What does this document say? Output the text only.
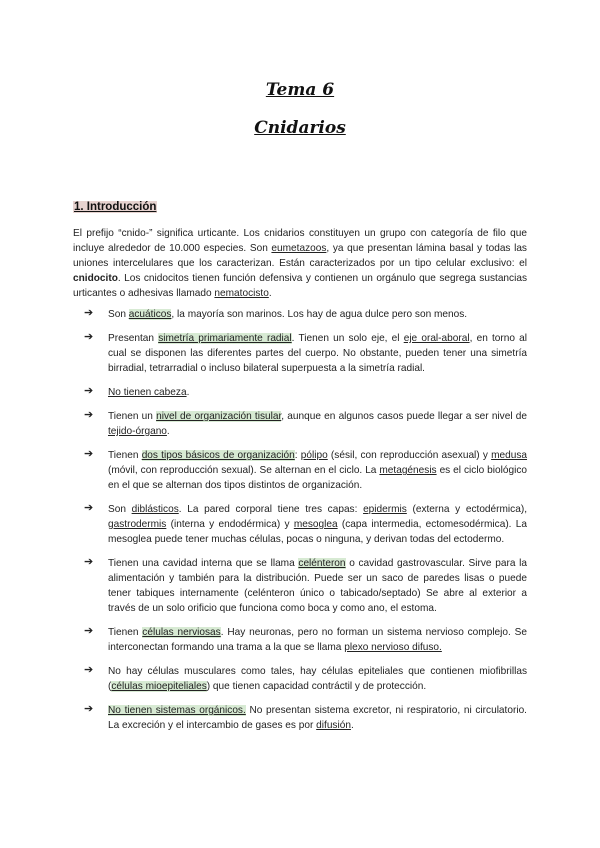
Tema 6
Cnidarios
1. Introducción

El prefijo “cnido-” significa urticante. Los cnidarios constituyen un grupo con categoría de filo que incluye alrededor de 10.000 especies. Son eumetazoos, ya que presentan lámina basal y todas las uniones intercelulares que los caracterizan. Están caracterizados por un tipo celular exclusivo: el cnidocito. Los cnidocitos tienen función defensiva y contienen un orgánulo que segrega sustancias urticantes o adhesivas llamado nematocisto.

➔ Son acuáticos, la mayoría son marinos. Los hay de agua dulce pero son menos.
➔ Presentan simetría primariamente radial. Tienen un solo eje, el eje oral-aboral, en torno al cual se disponen las diferentes partes del cuerpo. No obstante, pueden tener una simetría birradial, tetrarradial o incluso bilateral superpuesta a la simetría radial.
➔ No tienen cabeza.
➔ Tienen un nivel de organización tisular, aunque en algunos casos puede llegar a ser nivel de tejido-órgano.
➔ Tienen dos tipos básicos de organización: pólipo (sésil, con reproducción asexual) y medusa (móvil, con reproducción sexual). Se alternan en el ciclo. La metagénesis es el ciclo biológico en el que se alternan dos tipos distintos de organización.
➔ Son diblásticos. La pared corporal tiene tres capas: epidermis (externa y ectodérmica), gastrodermis (interna y endodérmica) y mesoglea (capa intermedia, ectomesodérmica). La mesoglea puede tener muchas células, pocas o ninguna, y derivan todas del ectodermo.
➔ Tienen una cavidad interna que se llama celénteron o cavidad gastrovascular. Sirve para la alimentación y también para la distribución. Puede ser un saco de paredes lisas o puede tener tabiques internamente (celénteron único o tabicado/septado) Se abre al exterior a través de un solo orificio que funciona como boca y como ano, el estoma.
➔ Tienen células nerviosas. Hay neuronas, pero no forman un sistema nervioso complejo. Se interconectan formando una trama a la que se llama plexo nervioso difuso.
➔ No hay células musculares como tales, hay células epiteliales que contienen miofibrillas (células mioepiteliales) que tienen capacidad contráctil y de protección.
➔ No tienen sistemas orgánicos. No presentan sistema excretor, ni respiratorio, ni circulatorio. La excreción y el intercambio de gases es por difusión.
